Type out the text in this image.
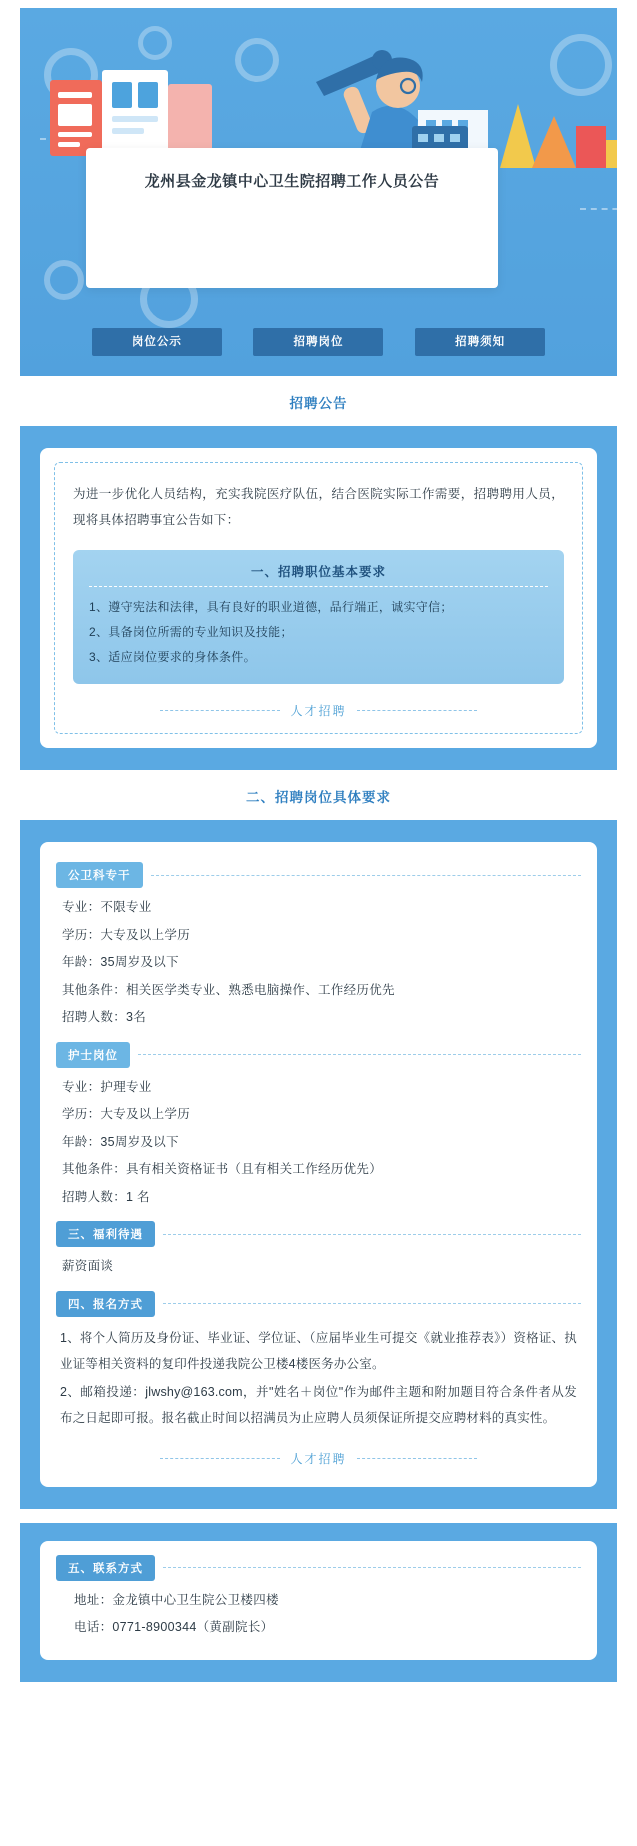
龙州县金龙镇中心卫生院招聘工作人员公告
岗位公示	招聘岗位	招聘须知
招聘公告
为进一步优化人员结构，充实我院医疗队伍，结合医院实际工作需要，招聘聘用人员，现将具体招聘事宜公告如下：
一、招聘职位基本要求
1、遵守宪法和法律，具有良好的职业道德，品行端正，诚实守信；
2、具备岗位所需的专业知识及技能；
3、适应岗位要求的身体条件。
人才招聘
二、招聘岗位具体要求
公卫科专干
专业：不限专业
学历：大专及以上学历
年龄：35周岁及以下
其他条件：相关医学类专业、熟悉电脑操作、工作经历优先
招聘人数：3名
护士岗位
专业：护理专业
学历：大专及以上学历
年龄：35周岁及以下
其他条件：具有相关资格证书（且有相关工作经历优先）
招聘人数：1 名
三、福利待遇
薪资面谈
四、报名方式
1、将个人简历及身份证、毕业证、学位证、（应届毕业生可提交《就业推荐表》）资格证、执业证等相关资料的复印件投递我院公卫楼4楼医务办公室。
2、邮箱投递：jlwshy@163.com，并"姓名＋岗位"作为邮件主题和附加题目符合条件者从发布之日起即可报。报名截止时间以招满员为止应聘人员须保证所提交应聘材料的真实性。
人才招聘
五、联系方式
地址：金龙镇中心卫生院公卫楼四楼
电话：0771-8900344（黄副院长）
